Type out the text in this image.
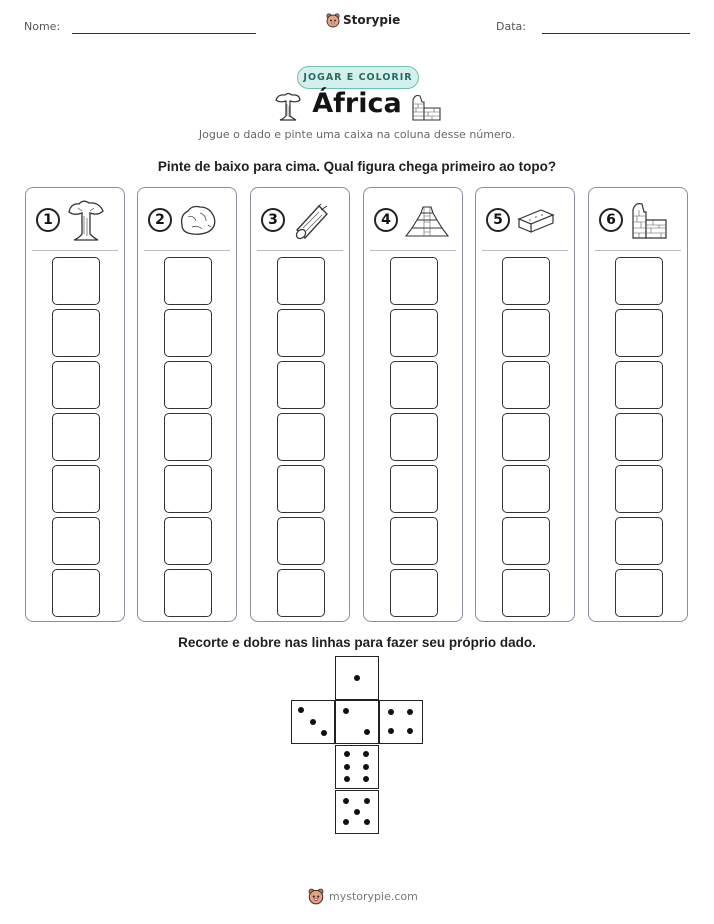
Nome:	Storypie	Data:
JOGAR E COLORIR
África
Jogue o dado e pinte uma caixa na coluna desse número.
Pinte de baixo para cima. Qual figura chega primeiro ao topo?
1	2	3	4	5	6
Recorte e dobre nas linhas para fazer seu próprio dado.
mystorypie.com
